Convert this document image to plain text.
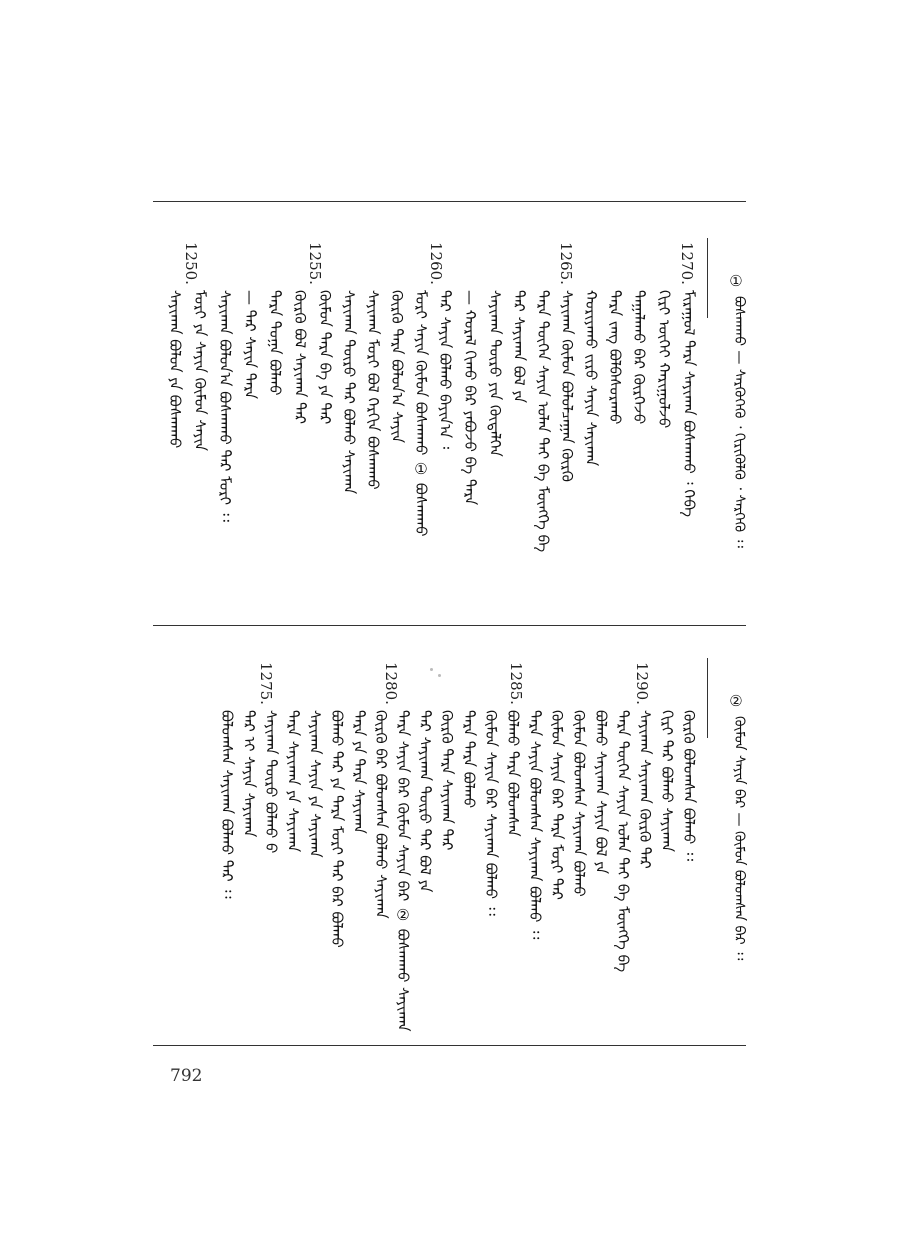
①
ᠪᠣᠰᠬᠠᠬᠤ — ᠰᠡᠷᠭᠦᠭᠡᠬᠦ ᠂ ᠬᠢᠷᠢᠭᠦᠯᠬᠦ ᠂ ᠰᠡᠷᠭᠡᠬᠦ ᠄᠄
1270.
1265.
1260.
1255.
1250.
ᠮᠢᠷᠠᠭᠤᠯ ᠲᠡᠷᠡ ᠰᠠᠶᠢᠬᠠᠨ ᠪᠣᠰᠬᠠᠬᠤ ᠄ ᠬᠡᠪᠡ
ᠬᠢᠷᠢ ᠥᠭᠡᠢ ᠬᠠᠷᠢᠭᠤᠯᠵᠤ
ᠲᠠᠭᠠᠯᠠᠬᠤ ᠪᠡᠷ ᠬᠦᠷᠭᠡᠵᠦ
ᠲᠡᠷᠡ ᠵᠠᠩ ᠪᠣᠯᠪᠠᠰᠤᠷᠠᠬᠤ
ᠬᠤᠷᠢᠶᠠᠬᠤ ᠵᠢᠷᠤ ᠰᠠᠶᠢᠨ ᠰᠠᠶᠢᠬᠠᠨ
ᠰᠠᠶᠢᠬᠠᠨ ᠬᠦᠮᠦᠨ ᠪᠣᠯᠤᠯᠴᠠᠭᠠᠨ ᠬᠦᠷᠬᠦ
ᠲᠡᠷᠡ ᠲᠦᠭᠡᠨ ᠰᠠᠶᠢᠨ ᠣᠯᠠᠨ ᠲᠠᠢ ᠪᠠ ᠮᠥᠩᠭᠡ ᠪᠡ
ᠲᠡᠷ ᠰᠠᠶᠢᠬᠠᠨ ᠪᠣᠯ ᠶᠠ
ᠰᠠᠶᠢᠬᠠᠨ ᠲᠦᠷᠦ ᠶᠢᠨ ᠬᠦᠳᠡᠯᠭᠡᠨ
— ᠬᠤᠷᠠᠯ ᠬᠢᠬᠤ ᠪᠡᠷ ᠶᠠᠪᠤᠵᠤ ᠪᠠ ᠲᠡᠷᠡ
ᠲᠡᠷ ᠰᠠᠶᠢᠨ ᠪᠣᠯᠬᠤ ᠪᠠᠶᠢᠨ᠎ᠠ ᠄
ᠮᠣᠷᠢ ᠰᠠᠶᠢᠨ ᠬᠦᠮᠦᠨ ᠪᠣᠰᠬᠠᠬᠤ ① ᠪᠣᠰᠬᠠᠬᠤ
ᠬᠦᠷᠬᠦ ᠲᠡᠷᠡ ᠪᠣᠯᠤᠨ᠎ᠠ ᠰᠠᠶᠢᠨ
ᠰᠠᠶᠢᠬᠠᠨ ᠮᠣᠷᠢ ᠪᠣᠯ ᠬᠡᠷᠬᠢᠨ ᠪᠣᠰᠬᠠᠬᠤ
ᠰᠠᠶᠢᠬᠠᠨ ᠲᠦᠷᠦ ᠲᠡᠷ ᠪᠣᠯᠬᠤ ᠰᠠᠶᠢᠬᠠᠨ
ᠬᠦᠮᠦᠨ ᠲᠡᠷᠡ ᠪᠠ ᠶᠠ ᠲᠡᠷ
ᠬᠦᠷᠬᠦ ᠪᠣᠯ ᠰᠠᠶᠢᠬᠠᠨ ᠲᠡᠷ
ᠲᠡᠷᠡ ᠲᠣᠭᠠ ᠪᠣᠯᠬᠤ
— ᠲᠡᠷ ᠰᠠᠶᠢᠨ ᠲᠡᠷᠡ
ᠰᠠᠶᠢᠬᠠᠨ ᠪᠣᠯᠤᠨ᠎ᠠ ᠪᠣᠰᠬᠠᠬᠤ ᠲᠡᠷ ᠮᠣᠷᠢ ᠄᠄
ᠮᠣᠷᠢ ᠶᠠ ᠰᠠᠶᠢᠨ ᠬᠦᠮᠦᠨ ᠰᠠᠶᠢᠨ
ᠰᠠᠶᠢᠬᠠᠨ ᠪᠣᠯᠤᠨ ᠶᠠ ᠪᠣᠰᠬᠠᠬᠤ
②
ᠬᠦᠮᠦᠨ ᠰᠠᠶᠢᠨ ᠪᠡᠷ — ᠬᠦᠮᠦᠨ ᠪᠣᠯᠤᠭᠰᠠᠨ ᠪᠡᠷ ᠄᠄
1290.
1285.
1280.
1275.
ᠬᠦᠷᠬᠦ ᠪᠣᠯᠤᠭᠰᠠᠨ ᠪᠣᠯᠬᠤ ᠄᠄
ᠬᠢᠷᠢ ᠲᠡᠷ ᠪᠣᠯᠬᠤ ᠰᠠᠶᠢᠬᠠᠨ
ᠰᠠᠶᠢᠬᠠᠨ ᠰᠠᠶᠢᠬᠠᠨ ᠬᠦᠷᠬᠦ ᠲᠡᠷ
ᠲᠡᠷᠡ ᠲᠦᠭᠡᠨ ᠰᠠᠶᠢᠨ ᠣᠯᠠᠨ ᠲᠠᠢ ᠪᠠ ᠮᠥᠩᠭᠡ ᠪᠡ
ᠪᠣᠯᠬᠤ ᠰᠠᠶᠢᠬᠠᠨ ᠰᠠᠶᠢᠨ ᠪᠣᠯ ᠶᠠ
ᠬᠦᠮᠦᠨ ᠪᠣᠯᠤᠭᠰᠠᠨ ᠰᠠᠶᠢᠬᠠᠨ ᠪᠣᠯᠬᠤ
ᠬᠦᠮᠦᠨ ᠰᠠᠶᠢᠨ ᠪᠡᠷ ᠲᠡᠷᠡ ᠮᠣᠷᠢ ᠲᠡᠷ
ᠲᠡᠷᠡ ᠰᠠᠶᠢᠨ ᠪᠣᠯᠤᠭᠰᠠᠨ ᠰᠠᠶᠢᠬᠠᠨ ᠪᠣᠯᠬᠤ ᠄᠄
ᠪᠣᠯᠬᠤ ᠲᠡᠷᠡ ᠪᠣᠯᠤᠭᠰᠠᠨ
ᠬᠦᠮᠦᠨ ᠰᠠᠶᠢᠨ ᠪᠡᠷ ᠰᠠᠶᠢᠬᠠᠨ ᠪᠣᠯᠬᠤ ᠄᠄
ᠲᠡᠷᠡ ᠲᠡᠷᠡ ᠪᠣᠯᠬᠤ
ᠬᠦᠷᠬᠦ ᠲᠡᠷᠡ ᠰᠠᠶᠢᠬᠠᠨ ᠲᠡᠷ
ᠲᠡᠷ ᠰᠠᠶᠢᠬᠠᠨ ᠲᠦᠷᠦ ᠲᠡᠷ ᠪᠣᠯ ᠶᠠ
ᠲᠡᠷᠡ ᠰᠠᠶᠢᠨ ᠪᠡᠷ ᠬᠦᠮᠦᠨ ᠰᠠᠶᠢᠨ ᠪᠡᠷ ② ᠪᠣᠰᠬᠠᠬᠤ ᠰᠠᠶᠢᠬᠠᠨ
ᠬᠦᠷᠬᠦ ᠪᠡᠷ ᠪᠣᠯᠤᠭᠰᠠᠨ ᠪᠣᠯᠬᠤ ᠰᠠᠶᠢᠬᠠᠨ
ᠲᠡᠷᠡ ᠶᠠ ᠲᠡᠷᠡ ᠰᠠᠶᠢᠬᠠᠨ
ᠪᠣᠯᠬᠤ ᠲᠡᠷ ᠶᠠ ᠲᠡᠷᠡ ᠮᠣᠷᠢ ᠲᠡᠷ ᠪᠡᠷ ᠪᠣᠯᠬᠤ
ᠰᠠᠶᠢᠬᠠᠨ ᠰᠠᠶᠢᠨ ᠶᠠ ᠰᠠᠶᠢᠬᠠᠨ
ᠲᠡᠷᠡ ᠰᠠᠶᠢᠬᠠᠨ ᠶᠠ ᠰᠠᠶᠢᠬᠠᠨ
ᠰᠠᠶᠢᠬᠠᠨ ᠲᠦᠷᠦ ᠪᠣᠯᠬᠤ ᠪ
ᠲᠡᠷ ᠢ ᠰᠠᠶᠢᠨ ᠰᠠᠶᠢᠬᠠᠨ
ᠪᠣᠯᠤᠭᠰᠠᠨ ᠰᠠᠶᠢᠬᠠᠨ ᠪᠣᠯᠬᠤ ᠲᠡᠷ ᠄᠄
792
